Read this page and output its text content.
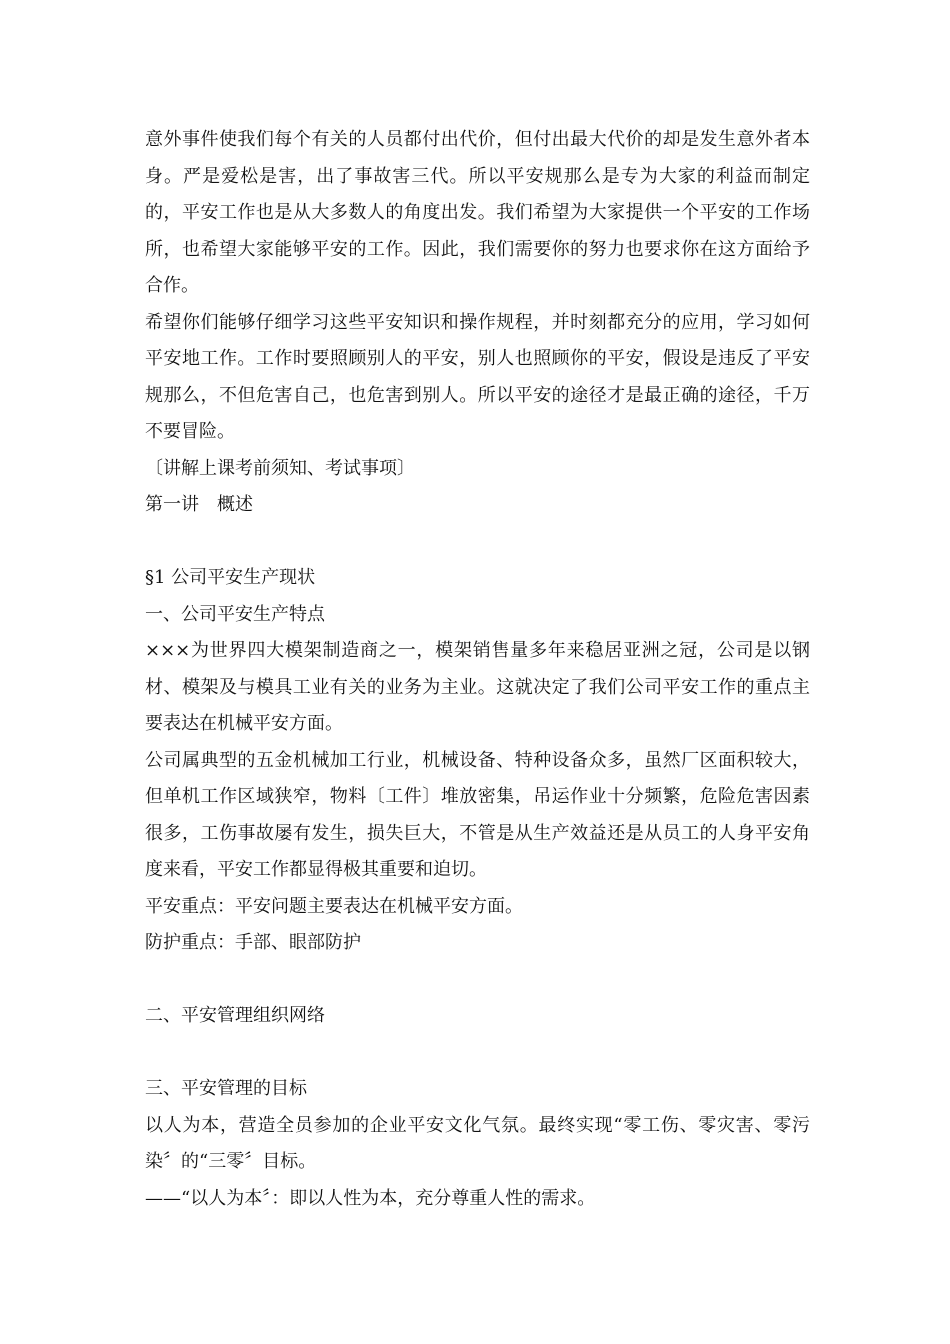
意外事件使我们每个有关的人员都付出代价，但付出最大代价的却是发生意外者本身。严是爱松是害，出了事故害三代。所以平安规那么是专为大家的利益而制定的，平安工作也是从大多数人的角度出发。我们希望为大家提供一个平安的工作场所，也希望大家能够平安的工作。因此，我们需要你的努力也要求你在这方面给予合作。

希望你们能够仔细学习这些平安知识和操作规程，并时刻都充分的应用，学习如何平安地工作。工作时要照顾别人的平安，别人也照顾你的平安，假设是违反了平安规那么，不但危害自己，也危害到别人。所以平安的途径才是最正确的途径，千万不要冒险。

〔讲解上课考前须知、考试事项〕

第一讲　概述

§1 公司平安生产现状

一、公司平安生产特点

×××为世界四大模架制造商之一，模架销售量多年来稳居亚洲之冠，公司是以钢材、模架及与模具工业有关的业务为主业。这就决定了我们公司平安工作的重点主要表达在机械平安方面。

公司属典型的五金机械加工行业，机械设备、特种设备众多，虽然厂区面积较大，但单机工作区域狭窄，物料〔工件〕堆放密集，吊运作业十分频繁，危险危害因素很多，工伤事故屡有发生，损失巨大，不管是从生产效益还是从员工的人身平安角度来看，平安工作都显得极其重要和迫切。

平安重点：平安问题主要表达在机械平安方面。

防护重点：手部、眼部防护

二、平安管理组织网络

三、平安管理的目标

以人为本，营造全员参加的企业平安文化气氛。最终实现“零工伤、零灾害、零污染〞的“三零〞目标。

——“以人为本〞：即以人性为本，充分尊重人性的需求。
